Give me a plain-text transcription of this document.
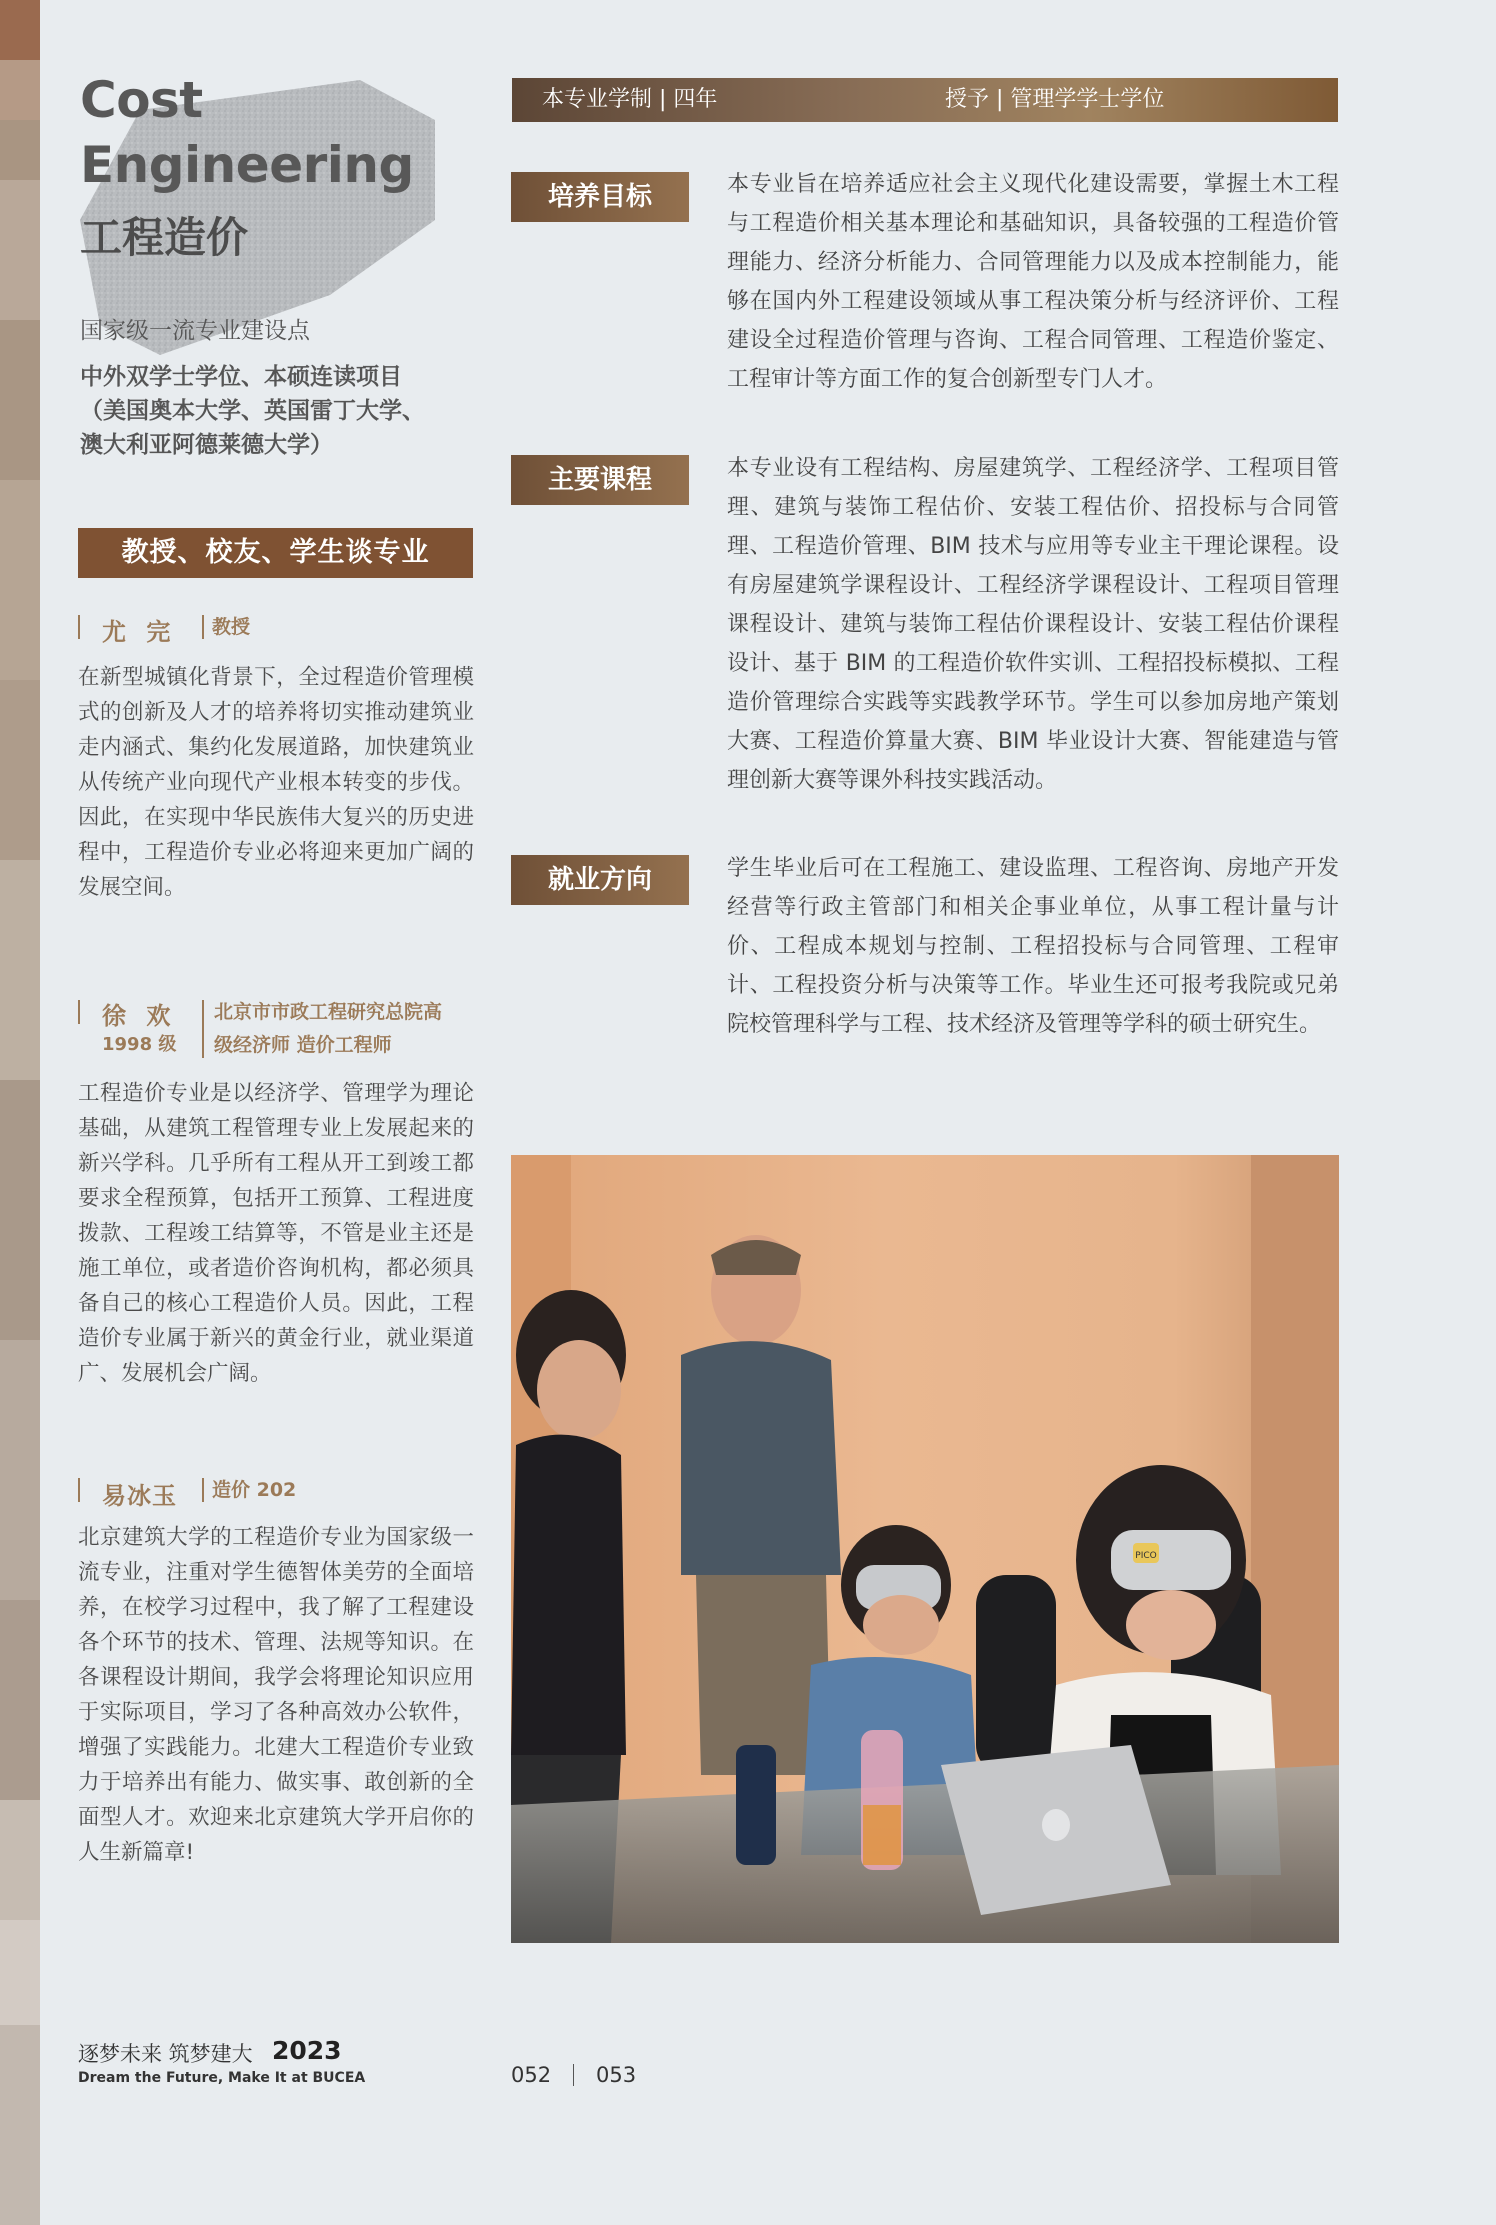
Cost
Engineering
工程造价
国家级一流专业建设点
中外双学士学位、本硕连读项目
（美国奥本大学、英国雷丁大学、
澳大利亚阿德莱德大学）
教授、校友、学生谈专业
尤 完 教授
在新型城镇化背景下，全过程造价管理模式的创新及人才的培养将切实推动建筑业走内涵式、集约化发展道路，加快建筑业从传统产业向现代产业根本转变的步伐。因此，在实现中华民族伟大复兴的历史进程中，工程造价专业必将迎来更加广阔的发展空间。
徐 欢
1998 级
北京市市政工程研究总院高
级经济师 造价工程师
工程造价专业是以经济学、管理学为理论基础，从建筑工程管理专业上发展起来的新兴学科。几乎所有工程从开工到竣工都要求全程预算，包括开工预算、工程进度拨款、工程竣工结算等，不管是业主还是施工单位，或者造价咨询机构，都必须具备自己的核心工程造价人员。因此，工程造价专业属于新兴的黄金行业，就业渠道广、发展机会广阔。
易冰玉 造价 202
北京建筑大学的工程造价专业为国家级一流专业，注重对学生德智体美劳的全面培养，在校学习过程中，我了解了工程建设各个环节的技术、管理、法规等知识。在各课程设计期间，我学会将理论知识应用于实际项目，学习了各种高效办公软件，增强了实践能力。北建大工程造价专业致力于培养出有能力、做实事、敢创新的全面型人才。欢迎来北京建筑大学开启你的人生新篇章!
本专业学制 | 四年	授予 | 管理学学士学位
培养目标	本专业旨在培养适应社会主义现代化建设需要，掌握土木工程与工程造价相关基本理论和基础知识，具备较强的工程造价管理能力、经济分析能力、合同管理能力以及成本控制能力，能够在国内外工程建设领域从事工程决策分析与经济评价、工程建设全过程造价管理与咨询、工程合同管理、工程造价鉴定、工程审计等方面工作的复合创新型专门人才。
主要课程	本专业设有工程结构、房屋建筑学、工程经济学、工程项目管理、建筑与装饰工程估价、安装工程估价、招投标与合同管理、工程造价管理、BIM 技术与应用等专业主干理论课程。设有房屋建筑学课程设计、工程经济学课程设计、工程项目管理课程设计、建筑与装饰工程估价课程设计、安装工程估价课程设计、基于 BIM 的工程造价软件实训、工程招投标模拟、工程造价管理综合实践等实践教学环节。学生可以参加房地产策划大赛、工程造价算量大赛、BIM 毕业设计大赛、智能建造与管理创新大赛等课外科技实践活动。
就业方向	学生毕业后可在工程施工、建设监理、工程咨询、房地产开发经营等行政主管部门和相关企事业单位，从事工程计量与计价、工程成本规划与控制、工程招投标与合同管理、工程审计、工程投资分析与决策等工作。毕业生还可报考我院或兄弟院校管理科学与工程、技术经济及管理等学科的硕士研究生。
PICO
逐梦未来 筑梦建大 2023
Dream the Future, Make It at BUCEA	052 053
